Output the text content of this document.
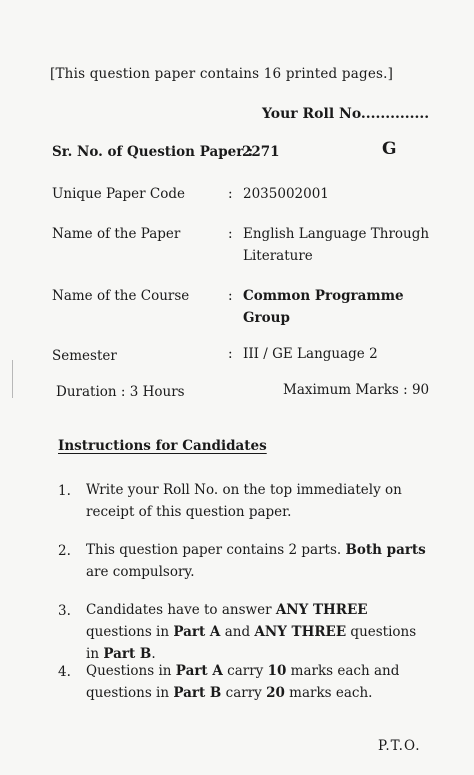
[This question paper contains 16 printed pages.]
Your Roll No..............
Sr. No. of Question Paper :
2271	G
Unique Paper Code	: 2035002001
Name of the Paper	: English Language Through Literature
Name of the Course	: Common Programme Group
Semester	: III / GE Language 2
Duration : 3 Hours	Maximum Marks : 90
Instructions for Candidates
1. Write your Roll No. on the top immediately on receipt of this question paper.
2. This question paper contains 2 parts. Both parts are compulsory.
3. Candidates have to answer ANY THREE questions in Part A and ANY THREE questions in Part B.
4. Questions in Part A carry 10 marks each and questions in Part B carry 20 marks each.
P.T.O.
